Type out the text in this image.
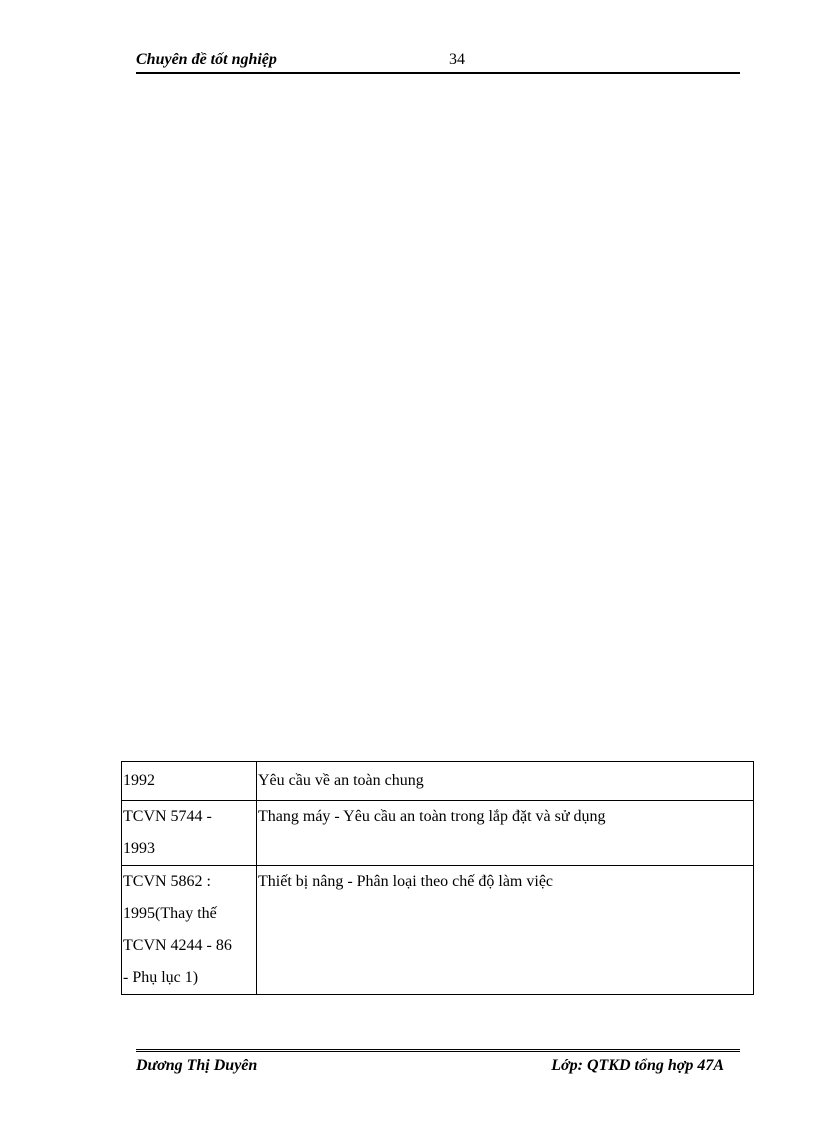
Chuyên đề tốt nghiệp	34
1992	Yêu cầu về an toàn chung

TCVN 5744 -
1993	Thang máy - Yêu cầu an toàn trong lắp đặt và sử dụng

TCVN 5862 :
1995(Thay thế
TCVN 4244 - 86
- Phụ lục 1)	Thiết bị nâng - Phân loại theo chế độ làm việc
Dương Thị Duyên	Lớp: QTKD tổng hợp 47A
